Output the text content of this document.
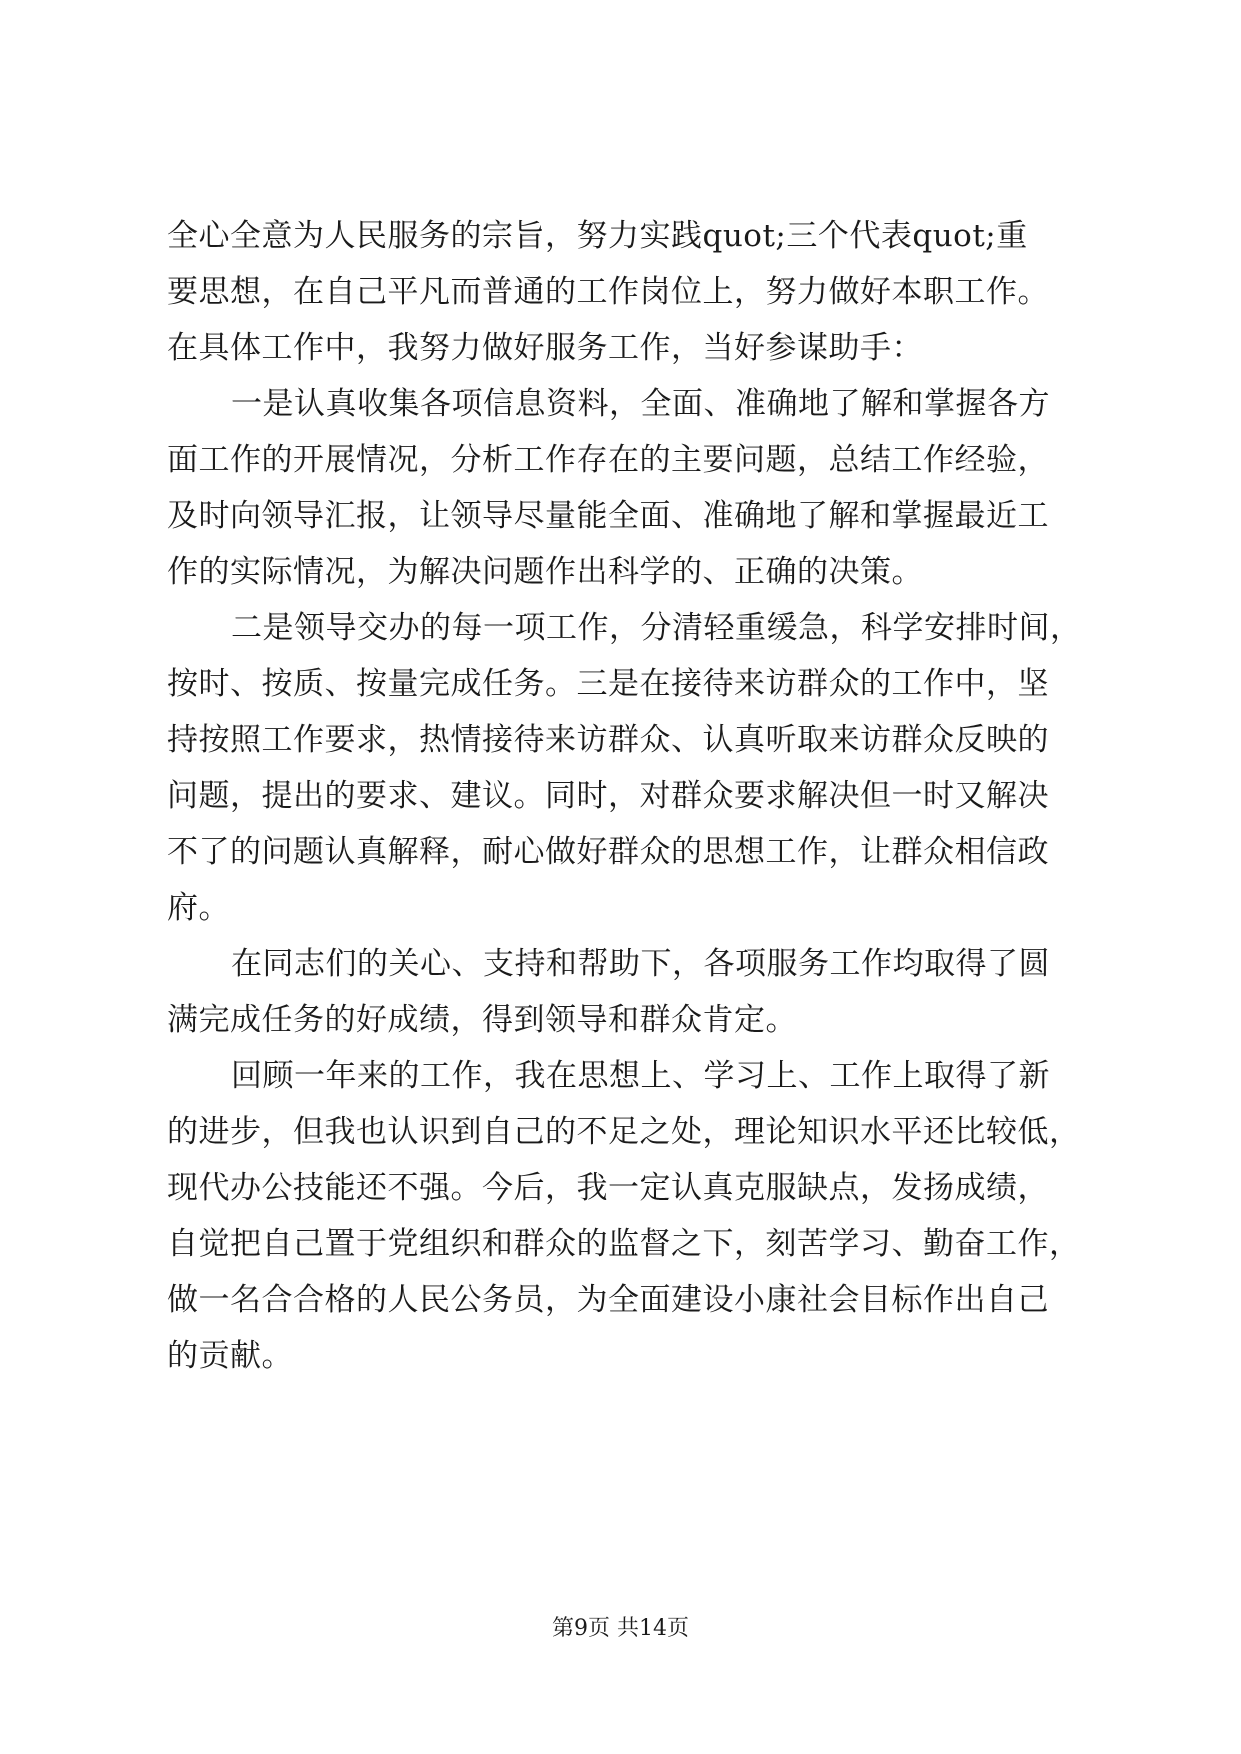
全心全意为人民服务的宗旨，努力实践quot;三个代表quot;重
要思想，在自己平凡而普通的工作岗位上，努力做好本职工作。
在具体工作中，我努力做好服务工作，当好参谋助手：
一是认真收集各项信息资料，全面、准确地了解和掌握各方
面工作的开展情况，分析工作存在的主要问题，总结工作经验，
及时向领导汇报，让领导尽量能全面、准确地了解和掌握最近工
作的实际情况，为解决问题作出科学的、正确的决策。
二是领导交办的每一项工作，分清轻重缓急，科学安排时间，
按时、按质、按量完成任务。三是在接待来访群众的工作中，坚
持按照工作要求，热情接待来访群众、认真听取来访群众反映的
问题，提出的要求、建议。同时，对群众要求解决但一时又解决
不了的问题认真解释，耐心做好群众的思想工作，让群众相信政
府。
在同志们的关心、支持和帮助下，各项服务工作均取得了圆
满完成任务的好成绩，得到领导和群众肯定。
回顾一年来的工作，我在思想上、学习上、工作上取得了新
的进步，但我也认识到自己的不足之处，理论知识水平还比较低，
现代办公技能还不强。今后，我一定认真克服缺点，发扬成绩，
自觉把自己置于党组织和群众的监督之下，刻苦学习、勤奋工作，
做一名合合格的人民公务员，为全面建设小康社会目标作出自己
的贡献。
第9页 共14页
